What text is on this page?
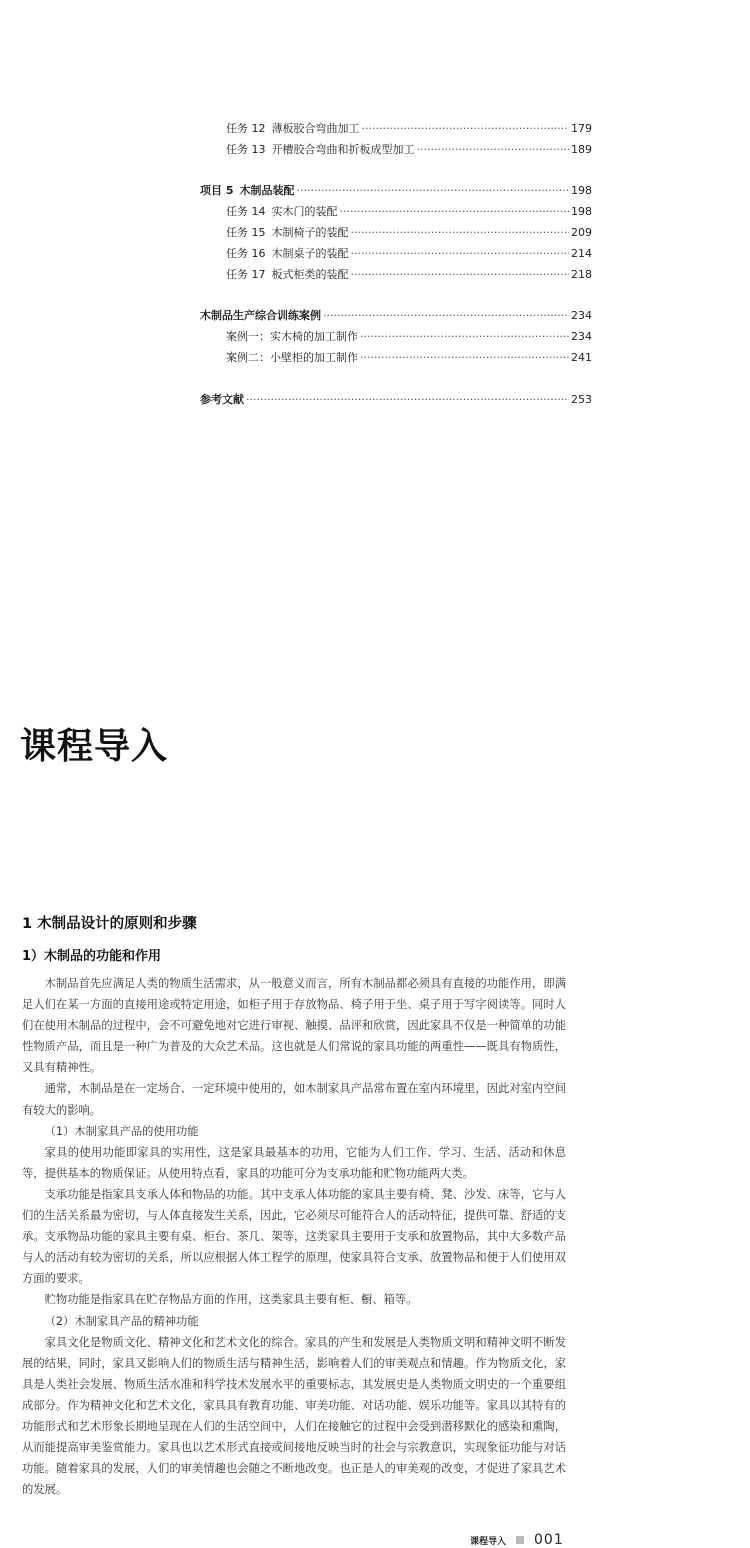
任务 12 薄板胶合弯曲加工 ·····	179
任务 13 开槽胶合弯曲和折板成型加工 ·····	189
项目 5 木制品装配 ·····	198
任务 14 实木门的装配 ·····	198
任务 15 木制椅子的装配 ·····	209
任务 16 木制桌子的装配 ·····	214
任务 17 板式柜类的装配 ·····	218
木制品生产综合训练案例 ·····	234
案例一：实木椅的加工制作 ·····	234
案例二：小壁柜的加工制作 ·····	241
参考文献 ·····	253
课程导入
1 木制品设计的原则和步骤
1）木制品的功能和作用

木制品首先应满足人类的物质生活需求，从一般意义而言，所有木制品都必须具有直接的功能作用，即满足人们在某一方面的直接用途或特定用途，如柜子用于存放物品、椅子用于坐、桌子用于写字阅读等。同时人们在使用木制品的过程中，会不可避免地对它进行审视、触摸、品评和欣赏，因此家具不仅是一种简单的功能性物质产品，而且是一种广为普及的大众艺术品。这也就是人们常说的家具功能的两重性——既具有物质性，又具有精神性。

通常，木制品是在一定场合、一定环境中使用的，如木制家具产品常布置在室内环境里，因此对室内空间有较大的影响。

（1）木制家具产品的使用功能

家具的使用功能即家具的实用性，这是家具最基本的功用，它能为人们工作、学习、生活、活动和休息等，提供基本的物质保证。从使用特点看，家具的功能可分为支承功能和贮物功能两大类。

支承功能是指家具支承人体和物品的功能。其中支承人体功能的家具主要有椅、凳、沙发、床等，它与人们的生活关系最为密切，与人体直接发生关系，因此，它必须尽可能符合人的活动特征，提供可靠、舒适的支承。支承物品功能的家具主要有桌、柜台、茶几、架等，这类家具主要用于支承和放置物品，其中大多数产品与人的活动有较为密切的关系，所以应根据人体工程学的原理，使家具符合支承、放置物品和便于人们使用双方面的要求。

贮物功能是指家具在贮存物品方面的作用，这类家具主要有柜、橱、箱等。

（2）木制家具产品的精神功能

家具文化是物质文化、精神文化和艺术文化的综合。家具的产生和发展是人类物质文明和精神文明不断发展的结果，同时，家具又影响人们的物质生活与精神生活，影响着人们的审美观点和情趣。作为物质文化，家具是人类社会发展、物质生活水准和科学技术发展水平的重要标志，其发展史是人类物质文明史的一个重要组成部分。作为精神文化和艺术文化，家具具有教育功能、审美功能、对话功能、娱乐功能等。家具以其特有的功能形式和艺术形象长期地呈现在人们的生活空间中，人们在接触它的过程中会受到潜移默化的感染和熏陶，从而能提高审美鉴赏能力。家具也以艺术形式直接或间接地反映当时的社会与宗教意识，实现象征功能与对话功能。随着家具的发展，人们的审美情趣也会随之不断地改变。也正是人的审美观的改变，才促进了家具艺术的发展。

课程导入 001
